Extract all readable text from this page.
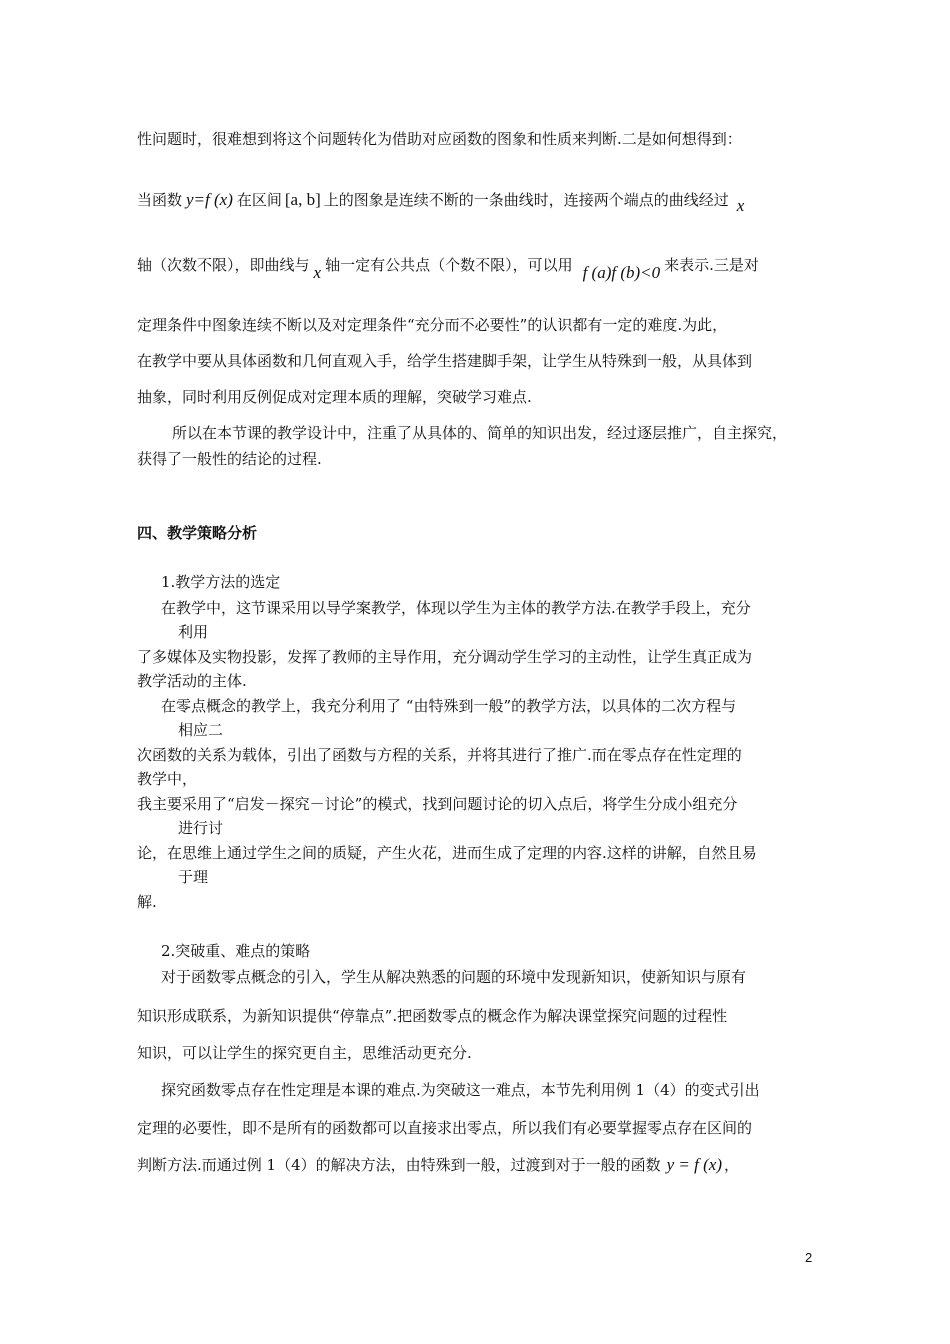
性问题时，很难想到将这个问题转化为借助对应函数的图象和性质来判断.二是如何想得到：
当函数 y=f (x) 在区间 [a, b] 上的图象是连续不断的一条曲线时，连接两个端点的曲线经过 x
轴（次数不限），即曲线与 x 轴一定有公共点（个数不限），可以用 f (a)f (b)<0 来表示.三是对
定理条件中图象连续不断以及对定理条件“充分而不必要性”的认识都有一定的难度.为此，
在教学中要从具体函数和几何直观入手，给学生搭建脚手架，让学生从特殊到一般，从具体到
抽象，同时利用反例促成对定理本质的理解，突破学习难点.
所以在本节课的教学设计中，注重了从具体的、简单的知识出发，经过逐层推广，自主探究，
获得了一般性的结论的过程.
四、教学策略分析
1.教学方法的选定
在教学中，这节课采用以导学案教学，体现以学生为主体的教学方法.在教学手段上，充分
利用
了多媒体及实物投影，发挥了教师的主导作用，充分调动学生学习的主动性，让学生真正成为
教学活动的主体.
在零点概念的教学上，我充分利用了 “由特殊到一般”的教学方法，以具体的二次方程与
相应二
次函数的关系为载体，引出了函数与方程的关系，并将其进行了推广.而在零点存在性定理的
教学中，
我主要采用了“启发－探究－讨论”的模式，找到问题讨论的切入点后，将学生分成小组充分
进行讨
论，在思维上通过学生之间的质疑，产生火花，进而生成了定理的内容.这样的讲解，自然且易
于理
解.
2.突破重、难点的策略
对于函数零点概念的引入，学生从解决熟悉的问题的环境中发现新知识，使新知识与原有
知识形成联系，为新知识提供“停靠点”.把函数零点的概念作为解决课堂探究问题的过程性
知识，可以让学生的探究更自主，思维活动更充分.
探究函数零点存在性定理是本课的难点.为突破这一难点，本节先利用例 1（4）的变式引出
定理的必要性，即不是所有的函数都可以直接求出零点，所以我们有必要掌握零点存在区间的
判断方法.而通过例 1（4）的解决方法，由特殊到一般，过渡到对于一般的函数 y = f (x) ，
2
